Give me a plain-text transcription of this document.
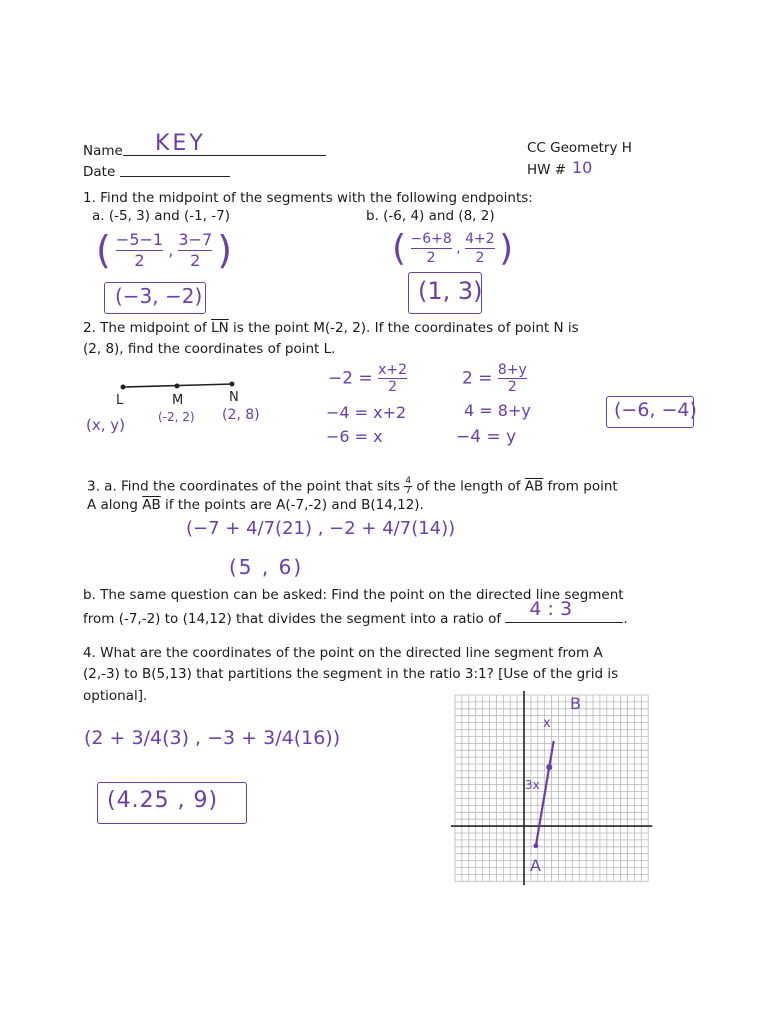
Name KEY
Date
CC Geometry H
HW # 10
1. Find the midpoint of the segments with the following endpoints:
a. (-5, 3) and (-1, -7)	b. (-6, 4) and (8, 2)
( $\frac{-5-1}{2}$ , $\frac{3-7}{2}$ )
(−3, −2)
( $\frac{-6+8}{2}$ , $\frac{4+2}{2}$ )
(1, 3)
2. The midpoint of $\overline{LN}$ is the point M(-2, 2). If the coordinates of point N is
(2, 8), find the coordinates of point L.
L	M	N
(x, y)	(-2, 2) (2, 8)
$-2 = \frac{x+2}{2}$
−4 = x+2
−6 = x
$2 = \frac{8+y}{2}$
4 = 8+y
−4 = y
(−6, −4)
3. a. Find the coordinates of the point that sits $\frac{4}{7}$ of the length of $\overline{AB}$ from point
A along $\overline{AB}$ if the points are A(-7,-2) and B(14,12).
(−7 + 4/7(21) , −2 + 4/7(14))
(5 , 6)
b. The same question can be asked: Find the point on the directed line segment
from (-7,-2) to (14,12) that divides the segment into a ratio of 4 : 3	.
4. What are the coordinates of the point on the directed line segment from A
(2,-3) to B(5,13) that partitions the segment in the ratio 3:1? [Use of the grid is
optional].
(2 + 3/4(3) , −3 + 3/4(16))
(4.25 , 9)
B
A
x
3x
